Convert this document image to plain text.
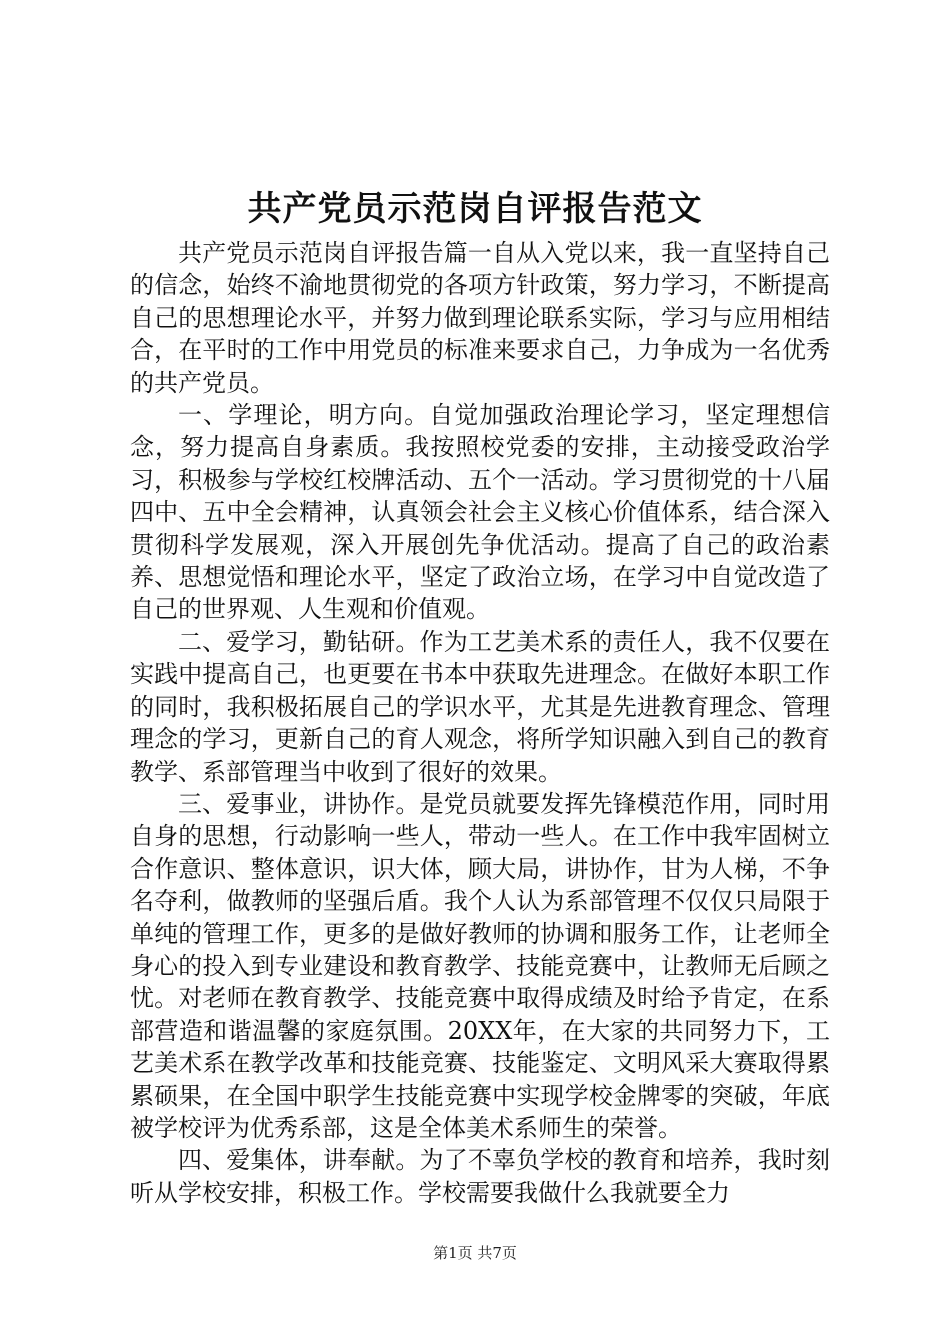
共产党员示范岗自评报告范文

共产党员示范岗自评报告篇一自从入党以来，我一直坚持自己的信念，始终不渝地贯彻党的各项方针政策，努力学习，不断提高自己的思想理论水平，并努力做到理论联系实际，学习与应用相结合，在平时的工作中用党员的标准来要求自己，力争成为一名优秀的共产党员。

一、学理论，明方向。自觉加强政治理论学习，坚定理想信念，努力提高自身素质。我按照校党委的安排，主动接受政治学习，积极参与学校红校牌活动、五个一活动。学习贯彻党的十八届四中、五中全会精神，认真领会社会主义核心价值体系，结合深入贯彻科学发展观，深入开展创先争优活动。提高了自己的政治素养、思想觉悟和理论水平，坚定了政治立场，在学习中自觉改造了自己的世界观、人生观和价值观。

二、爱学习，勤钻研。作为工艺美术系的责任人，我不仅要在实践中提高自己，也更要在书本中获取先进理念。在做好本职工作的同时，我积极拓展自己的学识水平，尤其是先进教育理念、管理理念的学习，更新自己的育人观念，将所学知识融入到自己的教育教学、系部管理当中收到了很好的效果。

三、爱事业，讲协作。是党员就要发挥先锋模范作用，同时用自身的思想，行动影响一些人，带动一些人。在工作中我牢固树立合作意识、整体意识，识大体，顾大局，讲协作，甘为人梯，不争名夺利，做教师的坚强后盾。我个人认为系部管理不仅仅只局限于单纯的管理工作，更多的是做好教师的协调和服务工作，让老师全身心的投入到专业建设和教育教学、技能竞赛中，让教师无后顾之忧。对老师在教育教学、技能竞赛中取得成绩及时给予肯定，在系部营造和谐温馨的家庭氛围。20XX年，在大家的共同努力下，工艺美术系在教学改革和技能竞赛、技能鉴定、文明风采大赛取得累累硕果，在全国中职学生技能竞赛中实现学校金牌零的突破，年底被学校评为优秀系部，这是全体美术系师生的荣誉。

四、爱集体，讲奉献。为了不辜负学校的教育和培养，我时刻听从学校安排，积极工作。学校需要我做什么我就要全力

第1页 共7页
